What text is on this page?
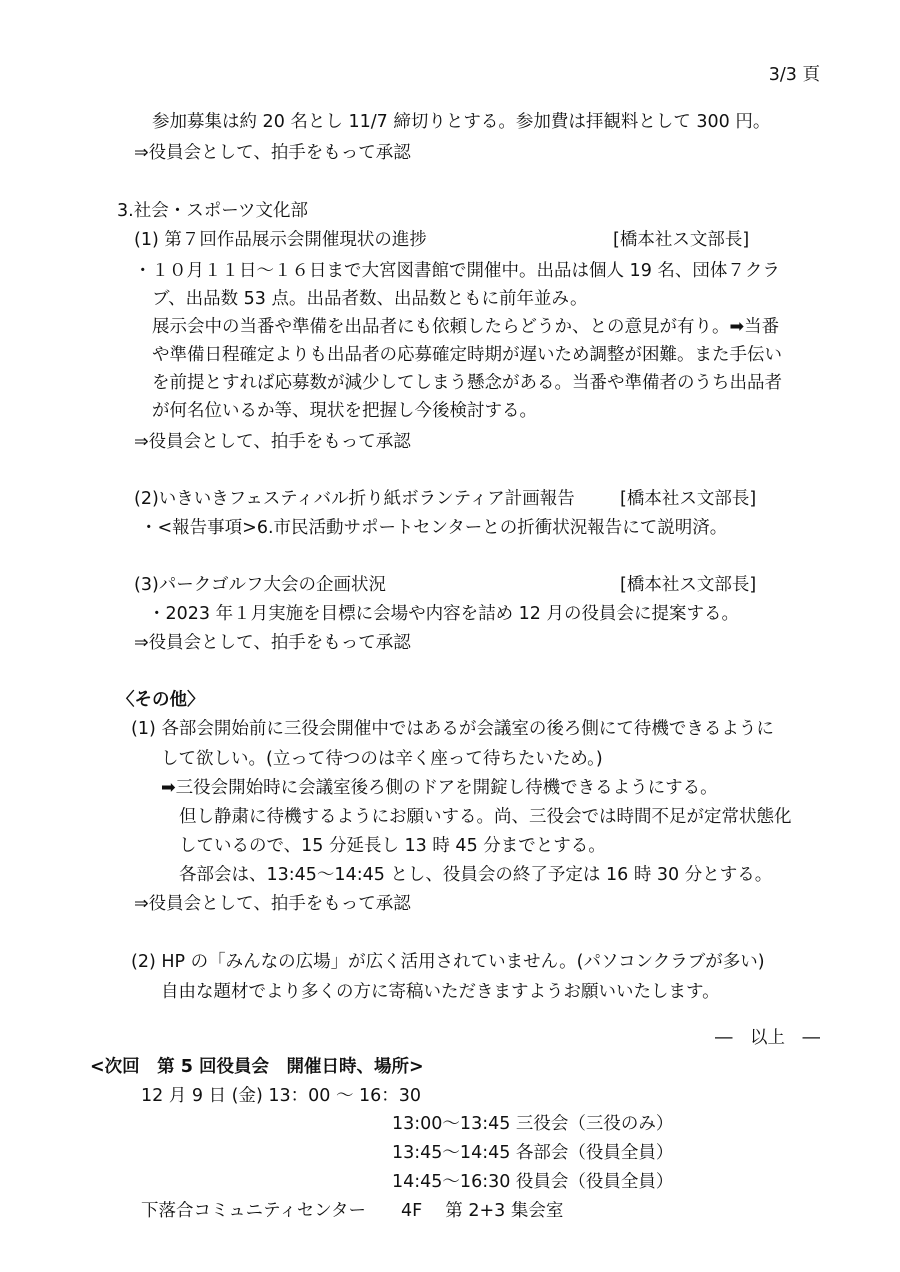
3/3 頁
参加募集は約 20 名とし 11/7 締切りとする。参加費は拝観料として 300 円。
⇒役員会として、拍手をもって承認
3.社会・スポーツ文化部
(1) 第７回作品展示会開催現状の進捗	[橋本社ス文部長]
・１０月１１日～１６日まで大宮図書館で開催中。出品は個人 19 名、団体７クラ
ブ、出品数 53 点。出品者数、出品数ともに前年並み。
展示会中の当番や準備を出品者にも依頼したらどうか、との意見が有り。➡当番
や準備日程確定よりも出品者の応募確定時期が遅いため調整が困難。また手伝い
を前提とすれば応募数が減少してしまう懸念がある。当番や準備者のうち出品者
が何名位いるか等、現状を把握し今後検討する。
⇒役員会として、拍手をもって承認
(2)いきいきフェスティバル折り紙ボランティア計画報告	[橋本社ス文部長]
・<報告事項>6.市民活動サポートセンターとの折衝状況報告にて説明済。
(3)パークゴルフ大会の企画状況	[橋本社ス文部長]
・2023 年１月実施を目標に会場や内容を詰め 12 月の役員会に提案する。
⇒役員会として、拍手をもって承認
〈その他〉
(1) 各部会開始前に三役会開催中ではあるが会議室の後ろ側にて待機できるように
して欲しい。(立って待つのは辛く座って待ちたいため。)
➡三役会開始時に会議室後ろ側のドアを開錠し待機できるようにする。
但し静粛に待機するようにお願いする。尚、三役会では時間不足が定常状態化
しているので、15 分延長し 13 時 45 分までとする。
各部会は、13:45～14:45 とし、役員会の終了予定は 16 時 30 分とする。
⇒役員会として、拍手をもって承認
(2) HP の「みんなの広場」が広く活用されていません。(パソコンクラブが多い)
自由な題材でより多くの方に寄稿いただきますようお願いいたします。
―　以上　―
<次回　第 5 回役員会　開催日時、場所>
12 月 9 日 (金) 13：00 ～ 16：30
13:00～13:45 三役会（三役のみ）
13:45～14:45 各部会（役員全員）
14:45～16:30 役員会（役員全員）
下落合コミュニティセンター　　4F　 第 2+3 集会室
